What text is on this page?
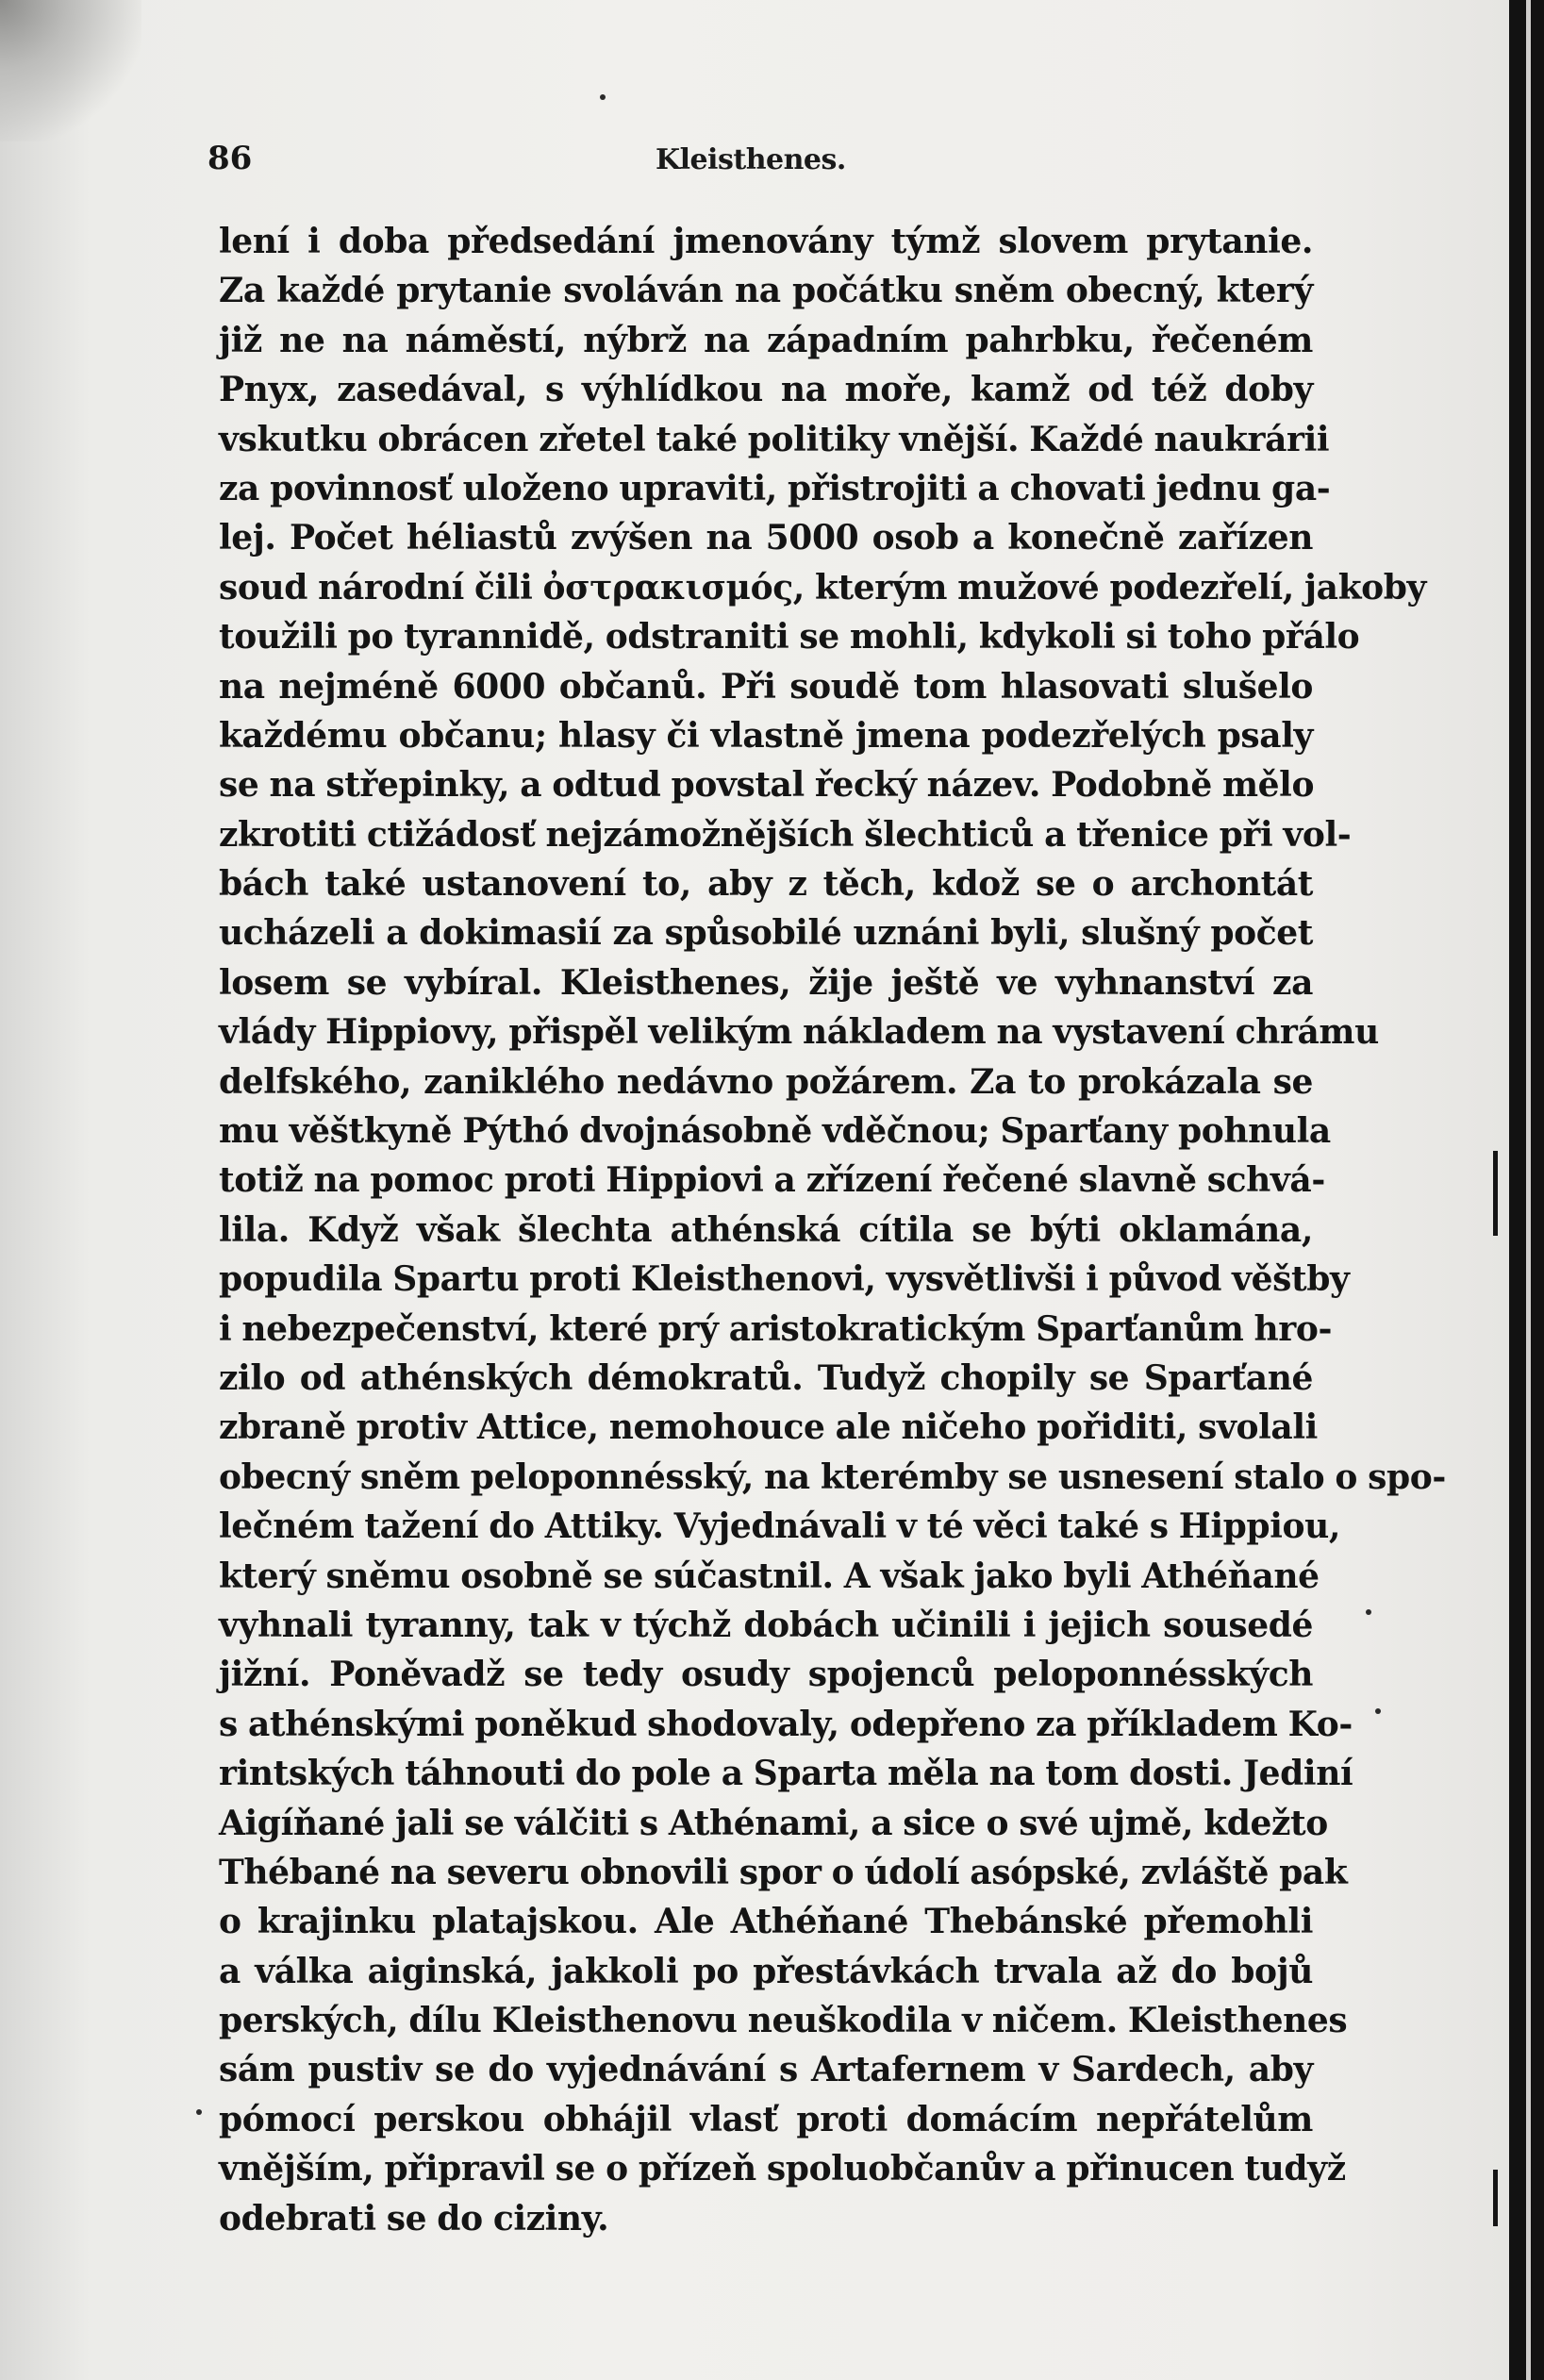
86	Kleisthenes.
lení i doba předsedání jmenovány týmž slovem prytanie.
Za každé prytanie svoláván na počátku sněm obecný, který
již ne na náměstí, nýbrž na západním pahrbku, řečeném
Pnyx, zasedával, s výhlídkou na moře, kamž od též doby
vskutku obrácen zřetel také politiky vnější. Každé naukrárii
za povinnosť uloženo upraviti, přistrojiti a chovati jednu ga-
lej. Počet héliastů zvýšen na 5000 osob a konečně zařízen
soud národní čili ὀστρακισμός, kterým mužové podezřelí, jakoby
toužili po tyrannidě, odstraniti se mohli, kdykoli si toho přálo
na nejméně 6000 občanů. Při soudě tom hlasovati slušelo
každému občanu; hlasy či vlastně jmena podezřelých psaly
se na střepinky, a odtud povstal řecký název. Podobně mělo
zkrotiti ctižádosť nejzámožnějších šlechticů a třenice při vol-
bách také ustanovení to, aby z těch, kdož se o archontát
ucházeli a dokimasií za spůsobilé uznáni byli, slušný počet
losem se vybíral. Kleisthenes, žije ještě ve vyhnanství za
vlády Hippiovy, přispěl velikým nákladem na vystavení chrámu
delfského, zaniklého nedávno požárem. Za to prokázala se
mu věštkyně Pýthó dvojnásobně vděčnou; Sparťany pohnula
totiž na pomoc proti Hippiovi a zřízení řečené slavně schvá-
lila. Když však šlechta athénská cítila se býti oklamána,
popudila Spartu proti Kleisthenovi, vysvětlivši i původ věštby
i nebezpečenství, které prý aristokratickým Sparťanům hro-
zilo od athénských démokratů. Tudyž chopily se Sparťané
zbraně protiv Attice, nemohouce ale ničeho pořiditi, svolali
obecný sněm peloponnésský, na kterémby se usnesení stalo o spo-
lečném tažení do Attiky. Vyjednávali v té věci také s Hippiou,
který sněmu osobně se súčastnil. A však jako byli Athéňané
vyhnali tyranny, tak v týchž dobách učinili i jejich sousedé
jižní. Poněvadž se tedy osudy spojenců peloponnésských
s athénskými poněkud shodovaly, odepřeno za příkladem Ko-
rintských táhnouti do pole a Sparta měla na tom dosti. Jediní
Aigíňané jali se válčiti s Athénami, a sice o své ujmě, kdežto
Thébané na severu obnovili spor o údolí asópské, zvláště pak
o krajinku platajskou. Ale Athéňané Thebánské přemohli
a válka aiginská, jakkoli po přestávkách trvala až do bojů
perských, dílu Kleisthenovu neuškodila v ničem. Kleisthenes
sám pustiv se do vyjednávání s Artafernem v Sardech, aby
pómocí perskou obhájil vlasť proti domácím nepřátelům
vnějším, připravil se o přízeň spoluobčanův a přinucen tudyž
odebrati se do ciziny.
